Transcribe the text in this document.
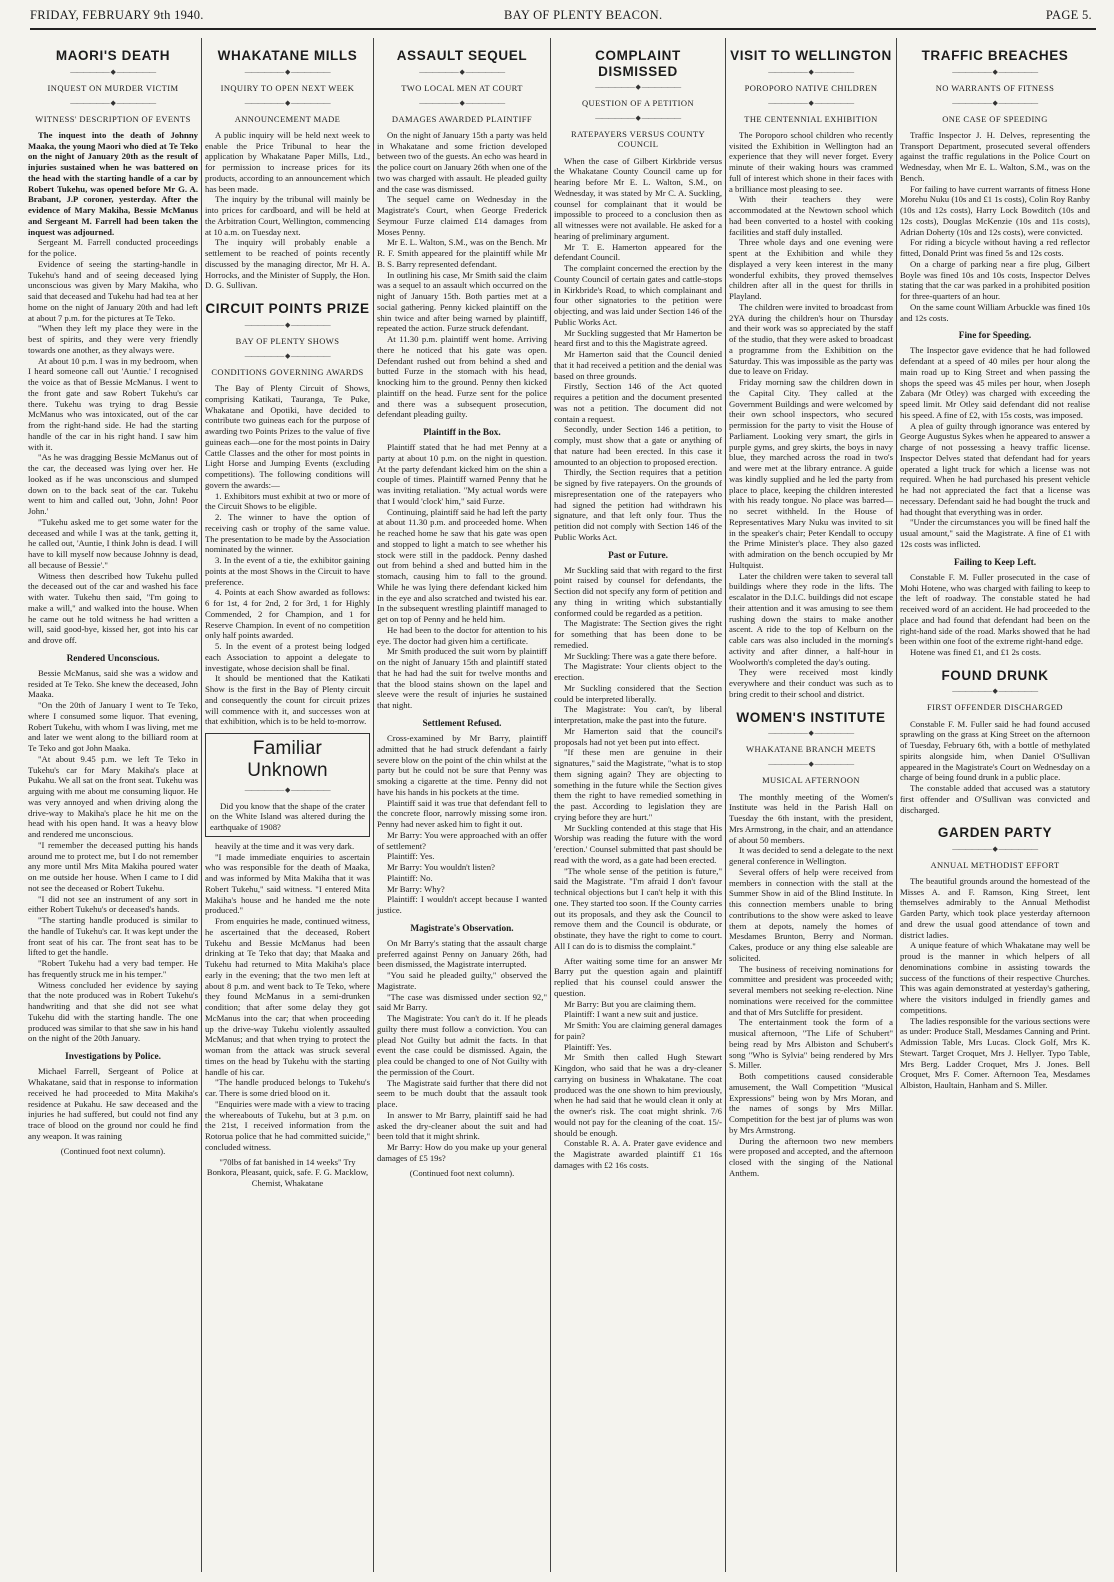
FRIDAY, FEBRUARY 9th 1940.	BAY OF PLENTY BEACON.	PAGE 5.
MAORI'S DEATH
—————— ◆ ——————
INQUEST ON MURDER VICTIM
—————— ◆ ——————
WITNESS' DESCRIPTION OF EVENTS

The inquest into the death of Johnny Maaka, the young Maori who died at Te Teko on the night of January 20th as the result of injuries sustained when he was battered on the head with the starting handle of a car by Robert Tukehu, was opened before Mr G. A. Brabant, J.P coroner, yesterday. After the evidence of Mary Makiha, Bessie McManus and Sergeant M. Farrell had been taken the inquest was adjourned.

Sergeant M. Farrell conducted proceedings for the police.

Evidence of seeing the starting-handle in Tukehu's hand and of seeing deceased lying unconscious was given by Mary Makiha, who said that deceased and Tukehu had had tea at her home on the night of January 20th and had left at about 7 p.m. for the pictures at Te Teko.

"When they left my place they were in the best of spirits, and they were very friendly towards one another, as they always were.

At about 10 p.m. I was in my bedroom, when I heard someone call out 'Auntie.' I recognised the voice as that of Bessie McManus. I went to the front gate and saw Robert Tukehu's car there. Tukehu was trying to drag Bessie McManus who was intoxicated, out of the car from the right-hand side. He had the starting handle of the car in his right hand. I saw him with it.

"As he was dragging Bessie McManus out of the car, the deceased was lying over her. He looked as if he was unconscious and slumped down on to the back seat of the car. Tukehu went to him and called out, 'John, John! Poor John.'

"Tukehu asked me to get some water for the deceased and while I was at the tank, getting it, he called out, 'Auntie, I think John is dead. I will have to kill myself now because Johnny is dead, all because of Bessie'."

Witness then described how Tukehu pulled the deceased out of the car and washed his face with water. Tukehu then said, "I'm going to make a will," and walked into the house. When he came out he told witness he had written a will, said good-bye, kissed her, got into his car and drove off.

Rendered Unconscious.

Bessie McManus, said she was a widow and resided at Te Teko. She knew the deceased, John Maaka.

"On the 20th of January I went to Te Teko, where I consumed some liquor. That evening, Robert Tukehu, with whom I was living, met me and later we went along to the billiard room at Te Teko and got John Maaka.

"At about 9.45 p.m. we left Te Teko in Tukehu's car for Mary Makiha's place at Pukahu. We all sat on the front seat. Tukehu was arguing with me about me consuming liquor. He was very annoyed and when driving along the drive-way to Makiha's place he hit me on the head with his open hand. It was a heavy blow and rendered me unconscious.

"I remember the deceased putting his hands around me to protect me, but I do not remember any more until Mrs Mita Makiha poured water on me outside her house. When I came to I did not see the deceased or Robert Tukehu.

"I did not see an instrument of any sort in either Robert Tukehu's or deceased's hands.

"The starting handle produced is similar to the handle of Tukehu's car. It was kept under the front seat of his car. The front seat has to be lifted to get the handle.

"Robert Tukehu had a very bad temper. He has frequently struck me in his temper."

Witness concluded her evidence by saying that the note produced was in Robert Tukehu's handwriting and that she did not see what Tukehu did with the starting handle. The one produced was similar to that she saw in his hand on the night of the 20th January.

Investigations by Police.

Michael Farrell, Sergeant of Police at Whakatane, said that in response to information received he had proceeded to Mita Makiha's residence at Pukahu. He saw deceased and the injuries he had suffered, but could not find any trace of blood on the ground nor could he find any weapon. It was raining

(Continued foot next column).

WHAKATANE MILLS
—————— ◆ ——————
INQUIRY TO OPEN NEXT WEEK
—————— ◆ ——————
ANNOUNCEMENT MADE

A public inquiry will be held next week to enable the Price Tribunal to hear the application by Whakatane Paper Mills, Ltd., for permission to increase prices for its products, according to an announcement which has been made.

The inquiry by the tribunal will mainly be into prices for cardboard, and will be held at the Arbitration Court, Wellington, commencing at 10 a.m. on Tuesday next.

The inquiry will probably enable a settlement to be reached of points recently discussed by the managing director, Mr H. A. Horrocks, and the Minister of Supply, the Hon. D. G. Sullivan.

CIRCUIT POINTS PRIZE
—————— ◆ ——————
BAY OF PLENTY SHOWS
—————— ◆ ——————
CONDITIONS GOVERNING AWARDS

The Bay of Plenty Circuit of Shows, comprising Katikati, Tauranga, Te Puke, Whakatane and Opotiki, have decided to contribute two guineas each for the purpose of awarding two Points Prizes to the value of five guineas each—one for the most points in Dairy Cattle Classes and the other for most points in Light Horse and Jumping Events (excluding competitions). The following conditions will govern the awards:—

1. Exhibitors must exhibit at two or more of the Circuit Shows to be eligible.

2. The winner to have the option of receiving cash or trophy of the same value. The presentation to be made by the Association nominated by the winner.

3. In the event of a tie, the exhibitor gaining points at the most Shows in the Circuit to have preference.

4. Points at each Show awarded as follows: 6 for 1st, 4 for 2nd, 2 for 3rd, 1 for Highly Commended, 2 for Champion, and 1 for Reserve Champion. In event of no competition only half points awarded.

5. In the event of a protest being lodged each Association to appoint a delegate to investigate, whose decision shall be final.

It should be mentioned that the Katikati Show is the first in the Bay of Plenty circuit and consequently the count for circuit prizes will commence with it, and successes won at that exhibition, which is to be held to-morrow.

Familiar Unknown
—————— ◆ ——————

Did you know that the shape of the crater on the White Island was altered during the earthquake of 1908?

heavily at the time and it was very dark.

"I made immediate enquiries to ascertain who was responsible for the death of Maaka, and was informed by Mita Makiha that it was Robert Tukehu," said witness. "I entered Mita Makiha's house and he handed me the note produced."

From enquiries he made, continued witness, he ascertained that the deceased, Robert Tukehu and Bessie McManus had been drinking at Te Teko that day; that Maaka and Tukehu had returned to Mita Makiha's place early in the evening; that the two men left at about 8 p.m. and went back to Te Teko, where they found McManus in a semi-drunken condition; that after some delay they got McManus into the car; that when proceeding up the drive-way Tukehu violently assaulted McManus; and that when trying to protect the woman from the attack was struck several times on the head by Tukehu with the starting handle of his car.

"The handle produced belongs to Tukehu's car. There is some dried blood on it.

"Enquiries were made with a view to tracing the whereabouts of Tukehu, but at 3 p.m. on the 21st, I received information from the Rotorua police that he had committed suicide," concluded witness.

"70lbs of fat banished in 14 weeks" Try Bonkora, Pleasant, quick, safe. F. G. Macklow, Chemist, Whakatane

ASSAULT SEQUEL
—————— ◆ ——————
TWO LOCAL MEN AT COURT
—————— ◆ ——————
DAMAGES AWARDED PLAINTIFF

On the night of January 15th a party was held in Whakatane and some friction developed between two of the guests. An echo was heard in the police court on January 26th when one of the two was charged with assault. He pleaded guilty and the case was dismissed.

The sequel came on Wednesday in the Magistrate's Court, when George Frederick Seymour Furze claimed £14 damages from Moses Penny.

Mr E. L. Walton, S.M., was on the Bench. Mr R. F. Smith appeared for the plaintiff while Mr B. S. Barry represented defendant.

In outlining his case, Mr Smith said the claim was a sequel to an assault which occurred on the night of January 15th. Both parties met at a social gathering. Penny kicked plaintiff on the shin twice and after being warned by plaintiff, repeated the action. Furze struck defendant.

At 11.30 p.m. plaintiff went home. Arriving there he noticed that his gate was open. Defendant rushed out from behind a shed and butted Furze in the stomach with his head, knocking him to the ground. Penny then kicked plaintiff on the head. Furze sent for the police and there was a subsequent prosecution, defendant pleading guilty.

Plaintiff in the Box.

Plaintiff stated that he had met Penny at a party at about 10 p.m. on the night in question. At the party defendant kicked him on the shin a couple of times. Plaintiff warned Penny that he was inviting retaliation. "My actual words were that I would 'clock' him," said Furze.

Continuing, plaintiff said he had left the party at about 11.30 p.m. and proceeded home. When he reached home he saw that his gate was open and stopped to light a match to see whether his stock were still in the paddock. Penny dashed out from behind a shed and butted him in the stomach, causing him to fall to the ground. While he was lying there defendant kicked him in the eye and also scratched and twisted his ear. In the subsequent wrestling plaintiff managed to get on top of Penny and he held him.

He had been to the doctor for attention to his eye. The doctor had given him a certificate.

Mr Smith produced the suit worn by plaintiff on the night of January 15th and plaintiff stated that he had had the suit for twelve months and that the blood stains shown on the lapel and sleeve were the result of injuries he sustained that night.

Settlement Refused.

Cross-examined by Mr Barry, plaintiff admitted that he had struck defendant a fairly severe blow on the point of the chin whilst at the party but he could not be sure that Penny was smoking a cigarette at the time. Penny did not have his hands in his pockets at the time.

Plaintiff said it was true that defendant fell to the concrete floor, narrowly missing some iron. Penny had never asked him to fight it out.

Mr Barry: You were approached with an offer of settlement?

Plaintiff: Yes.

Mr Barry: You wouldn't listen?

Plaintiff: No.

Mr Barry: Why?

Plaintiff: I wouldn't accept because I wanted justice.

Magistrate's Observation.

On Mr Barry's stating that the assault charge preferred against Penny on January 26th, had been dismissed, the Magistrate interrupted.

"You said he pleaded guilty," observed the Magistrate.

"The case was dismissed under section 92," said Mr Barry.

The Magistrate: You can't do it. If he pleads guilty there must follow a conviction. You can plead Not Guilty but admit the facts. In that event the case could be dismissed. Again, the plea could be changed to one of Not Guilty with the permission of the Court.

The Magistrate said further that there did not seem to be much doubt that the assault took place.

In answer to Mr Barry, plaintiff said he had asked the dry-cleaner about the suit and had been told that it might shrink.

Mr Barry: How do you make up your general damages of £5 19s?

(Continued foot next column).

COMPLAINT DISMISSED
—————— ◆ ——————
QUESTION OF A PETITION
—————— ◆ ——————
RATEPAYERS VERSUS COUNTY COUNCIL

When the case of Gilbert Kirkbride versus the Whakatane County Council came up for hearing before Mr E. L. Walton, S.M., on Wednesday, it was stated by Mr C. A. Suckling, counsel for complainant that it would be impossible to proceed to a conclusion then as all witnesses were not available. He asked for a hearing of preliminary argument.

Mr T. E. Hamerton appeared for the defendant Council.

The complaint concerned the erection by the County Council of certain gates and cattle-stops in Kirkbride's Road, to which complainant and four other signatories to the petition were objecting, and was laid under Section 146 of the Public Works Act.

Mr Suckling suggested that Mr Hamerton be heard first and to this the Magistrate agreed.

Mr Hamerton said that the Council denied that it had received a petition and the denial was based on three grounds.

Firstly, Section 146 of the Act quoted requires a petition and the document presented was not a petition. The document did not contain a request.

Secondly, under Section 146 a petition, to comply, must show that a gate or anything of that nature had been erected. In this case it amounted to an objection to proposed erection.

Thirdly, the Section requires that a petition be signed by five ratepayers. On the grounds of misrepresentation one of the ratepayers who had signed the petition had withdrawn his signature, and that left only four. Thus the petition did not comply with Section 146 of the Public Works Act.

Past or Future.

Mr Suckling said that with regard to the first point raised by counsel for defendants, the Section did not specify any form of petition and any thing in writing which substantially conformed could be regarded as a petition.

The Magistrate: The Section gives the right for something that has been done to be remedied.

Mr Suckling: There was a gate there before.

The Magistrate: Your clients object to the erection.

Mr Suckling considered that the Section could be interpreted liberally.

The Magistrate: You can't, by liberal interpretation, make the past into the future.

Mr Hamerton said that the council's proposals had not yet been put into effect.

"If these men are genuine in their signatures," said the Magistrate, "what is to stop them signing again? They are objecting to something in the future while the Section gives them the right to have remedied something in the past. According to legislation they are crying before they are hurt."

Mr Suckling contended at this stage that His Worship was reading the future with the word 'erection.' Counsel submitted that past should be read with the word, as a gate had been erected.

"The whole sense of the petition is future," said the Magistrate. "I'm afraid I don't favour technical objections but I can't help it with this one. They started too soon. If the County carries out its proposals, and they ask the Council to remove them and the Council is obdurate, or obstinate, they have the right to come to court. All I can do is to dismiss the complaint."

After waiting some time for an answer Mr Barry put the question again and plaintiff replied that his counsel could answer the question.

Mr Barry: But you are claiming them.

Plaintiff: I want a new suit and justice.

Mr Smith: You are claiming general damages for pain?

Plaintiff: Yes.

Mr Smith then called Hugh Stewart Kingdon, who said that he was a dry-cleaner carrying on business in Whakatane. The coat produced was the one shown to him previously, when he had said that he would clean it only at the owner's risk. The coat might shrink. 7/6 would not pay for the cleaning of the coat. 15/- should be enough.

Constable R. A. A. Prater gave evidence and the Magistrate awarded plaintiff £1 16s damages with £2 16s costs.

VISIT TO WELLINGTON
—————— ◆ ——————
POROPORO NATIVE CHILDREN
—————— ◆ ——————
THE CENTENNIAL EXHIBITION

The Poroporo school children who recently visited the Exhibition in Wellington had an experience that they will never forget. Every minute of their waking hours was crammed full of interest which shone in their faces with a brilliance most pleasing to see.

With their teachers they were accommodated at the Newtown school which had been converted to a hostel with cooking facilities and staff duly installed.

Three whole days and one evening were spent at the Exhibition and while they displayed a very keen interest in the many wonderful exhibits, they proved themselves children after all in the quest for thrills in Playland.

The children were invited to broadcast from 2YA during the children's hour on Thursday and their work was so appreciated by the staff of the studio, that they were asked to broadcast a programme from the Exhibition on the Saturday. This was impossible as the party was due to leave on Friday.

Friday morning saw the children down in the Capital City. They called at the Government Buildings and were welcomed by their own school inspectors, who secured permission for the party to visit the House of Parliament. Looking very smart, the girls in purple gyms, and grey skirts, the boys in navy blue, they marched across the road in two's and were met at the library entrance. A guide was kindly supplied and he led the party from place to place, keeping the children interested with his ready tongue. No place was barred—no secret withheld. In the House of Representatives Mary Nuku was invited to sit in the speaker's chair; Peter Kendall to occupy the Prime Minister's place. They also gazed with admiration on the bench occupied by Mr Hultquist.

Later the children were taken to several tall buildings where they rode in the lifts. The escalator in the D.I.C. buildings did not escape their attention and it was amusing to see them rushing down the stairs to make another ascent. A ride to the top of Kelburn on the cable cars was also included in the morning's activity and after dinner, a half-hour in Woolworth's completed the day's outing.

They were received most kindly everywhere and their conduct was such as to bring credit to their school and district.

WOMEN'S INSTITUTE
—————— ◆ ——————
WHAKATANE BRANCH MEETS
—————— ◆ ——————
MUSICAL AFTERNOON

The monthly meeting of the Women's Institute was held in the Parish Hall on Tuesday the 6th instant, with the president, Mrs Armstrong, in the chair, and an attendance of about 50 members.

It was decided to send a delegate to the next general conference in Wellington.

Several offers of help were received from members in connection with the stall at the Summer Show in aid of the Blind Institute. In this connection members unable to bring contributions to the show were asked to leave them at depots, namely the homes of Mesdames Brunton, Berry and Norman. Cakes, produce or any thing else saleable are solicited.

The business of receiving nominations for committee and president was proceeded with; several members not seeking re-election. Nine nominations were received for the committee and that of Mrs Sutcliffe for president.

The entertainment took the form of a musical afternoon, "The Life of Schubert" being read by Mrs Albiston and Schubert's song "Who is Sylvia" being rendered by Mrs S. Miller.

Both competitions caused considerable amusement, the Wall Competition "Musical Expressions" being won by Mrs Moran, and the names of songs by Mrs Millar. Competition for the best jar of plums was won by Mrs Armstrong.

During the afternoon two new members were proposed and accepted, and the afternoon closed with the singing of the National Anthem.

TRAFFIC BREACHES
—————— ◆ ——————
NO WARRANTS OF FITNESS
—————— ◆ ——————
ONE CASE OF SPEEDING

Traffic Inspector J. H. Delves, representing the Transport Department, prosecuted several offenders against the traffic regulations in the Police Court on Wednesday, when Mr E. L. Walton, S.M., was on the Bench.

For failing to have current warrants of fitness Hone Morehu Nuku (10s and £1 1s costs), Colin Roy Ranby (10s and 12s costs), Harry Lock Bowditch (10s and 12s costs), Douglas McKenzie (10s and 11s costs), Adrian Doherty (10s and 12s costs), were convicted.

For riding a bicycle without having a red reflector fitted, Donald Print was fined 5s and 12s costs.

On a charge of parking near a fire plug, Gilbert Boyle was fined 10s and 10s costs, Inspector Delves stating that the car was parked in a prohibited position for three-quarters of an hour.

On the same count William Arbuckle was fined 10s and 12s costs.

Fine for Speeding.

The Inspector gave evidence that he had followed defendant at a speed of 40 miles per hour along the main road up to King Street and when passing the shops the speed was 45 miles per hour, when Joseph Zabara (Mr Otley) was charged with exceeding the speed limit. Mr Otley said defendant did not realise his speed. A fine of £2, with 15s costs, was imposed.

A plea of guilty through ignorance was entered by George Augustus Sykes when he appeared to answer a charge of not possessing a heavy traffic license. Inspector Delves stated that defendant had for years operated a light truck for which a license was not required. When he had purchased his present vehicle he had not appreciated the fact that a license was necessary. Defendant said he had bought the truck and had thought that everything was in order.

"Under the circumstances you will be fined half the usual amount," said the Magistrate. A fine of £1 with 12s costs was inflicted.

Failing to Keep Left.

Constable F. M. Fuller prosecuted in the case of Mohi Hotene, who was charged with failing to keep to the left of roadway. The constable stated he had received word of an accident. He had proceeded to the place and had found that defendant had been on the right-hand side of the road. Marks showed that he had been within one foot of the extreme right-hand edge.

Hotene was fined £1, and £1 2s costs.

FOUND DRUNK
—————— ◆ ——————
FIRST OFFENDER DISCHARGED

Constable F. M. Fuller said he had found accused sprawling on the grass at King Street on the afternoon of Tuesday, February 6th, with a bottle of methylated spirits alongside him, when Daniel O'Sullivan appeared in the Magistrate's Court on Wednesday on a charge of being found drunk in a public place.

The constable added that accused was a statutory first offender and O'Sullivan was convicted and discharged.

GARDEN PARTY
—————— ◆ ——————
ANNUAL METHODIST EFFORT

The beautiful grounds around the homestead of the Misses A. and F. Ramson, King Street, lent themselves admirably to the Annual Methodist Garden Party, which took place yesterday afternoon and drew the usual good attendance of town and district ladies.

A unique feature of which Whakatane may well be proud is the manner in which helpers of all denominations combine in assisting towards the success of the functions of their respective Churches. This was again demonstrated at yesterday's gathering, where the visitors indulged in friendly games and competitions.

The ladies responsible for the various sections were as under: Produce Stall, Mesdames Canning and Print. Admission Table, Mrs Lucas. Clock Golf, Mrs K. Stewart. Target Croquet, Mrs J. Hellyer. Typo Table, Mrs Berg. Ladder Croquet, Mrs J. Jones. Bell Croquet, Mrs F. Comer. Afternoon Tea, Mesdames Albiston, Haultain, Hanham and S. Miller.
